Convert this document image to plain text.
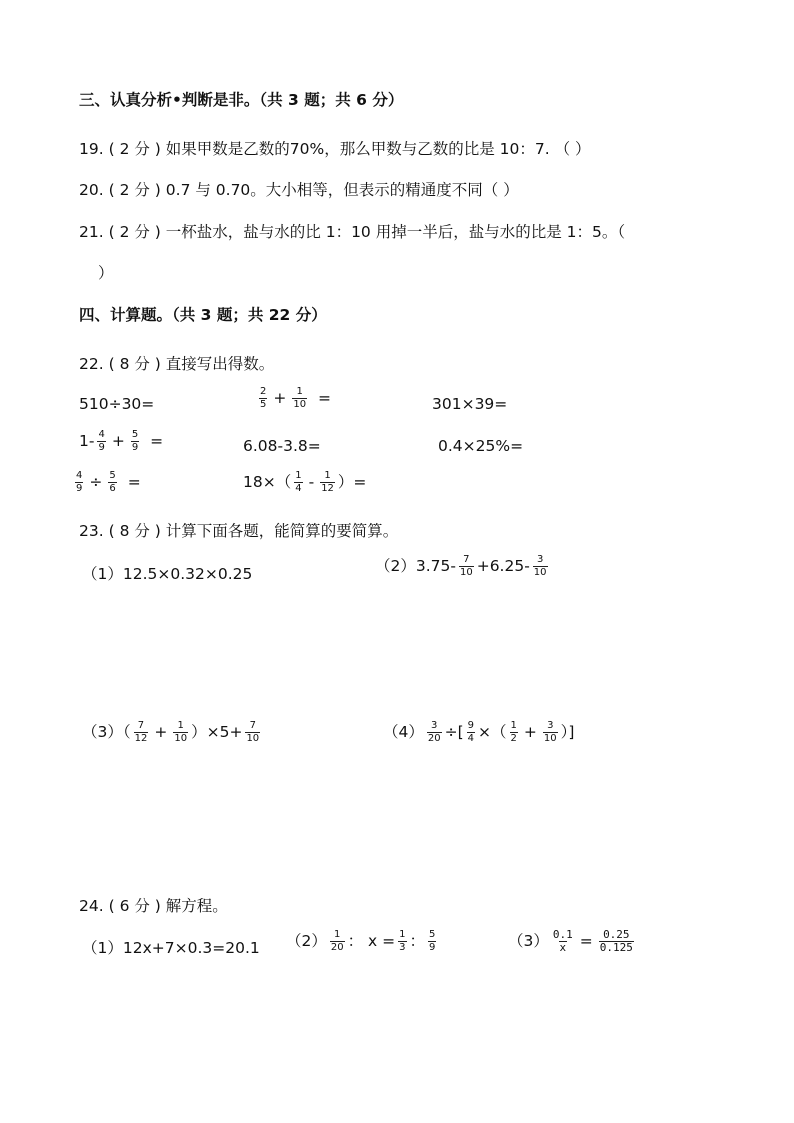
三、认真分析•判断是非。（共 3 题；共 6 分）
19. ( 2 分 ) 如果甲数是乙数的70%，那么甲数与乙数的比是 10：7. （ ）
20. ( 2 分 ) 0.7 与 0.70。大小相等，但表示的精通度不同（ ）
21. ( 2 分 ) 一杯盐水，盐与水的比 1：10 用掉一半后，盐与水的比是 1：5。（
）
四、计算题。（共 3 题；共 22 分）
22. ( 8 分 ) 直接写出得数。
510÷30=	$\frac{2}{5} + \frac{1}{10}$ =	301×39=
$1- \frac{4}{9} + \frac{5}{9}$ =	6.08-3.8=	0.4×25%=
$\frac{4}{9} \div \frac{5}{6}$ =	$18\times( \frac{1}{4} - \frac{1}{12}$ ）=
23. ( 8 分 ) 计算下面各题，能简算的要简算。
（1）12.5×0.32×0.25	$(2)3.75- \frac{7}{10} +6.25- \frac{3}{10}$
$(3)( \frac{7}{12} + \frac{1}{10} )\times 5+ \frac{7}{10}$	$(4) \frac{3}{20}$ ÷[ $\frac{9}{4}$ ×（ $\frac{1}{2} + \frac{3}{10}$ ）]
24. ( 6 分 ) 解方程。
（1）12x+7×0.3=20.1 $(2) \frac{1}{20}$ ： $x = \frac{1}{3}$ ： $\frac{5}{9}$	$(3) \frac{0.1}{x} = \frac{0.25}{0.125}$
